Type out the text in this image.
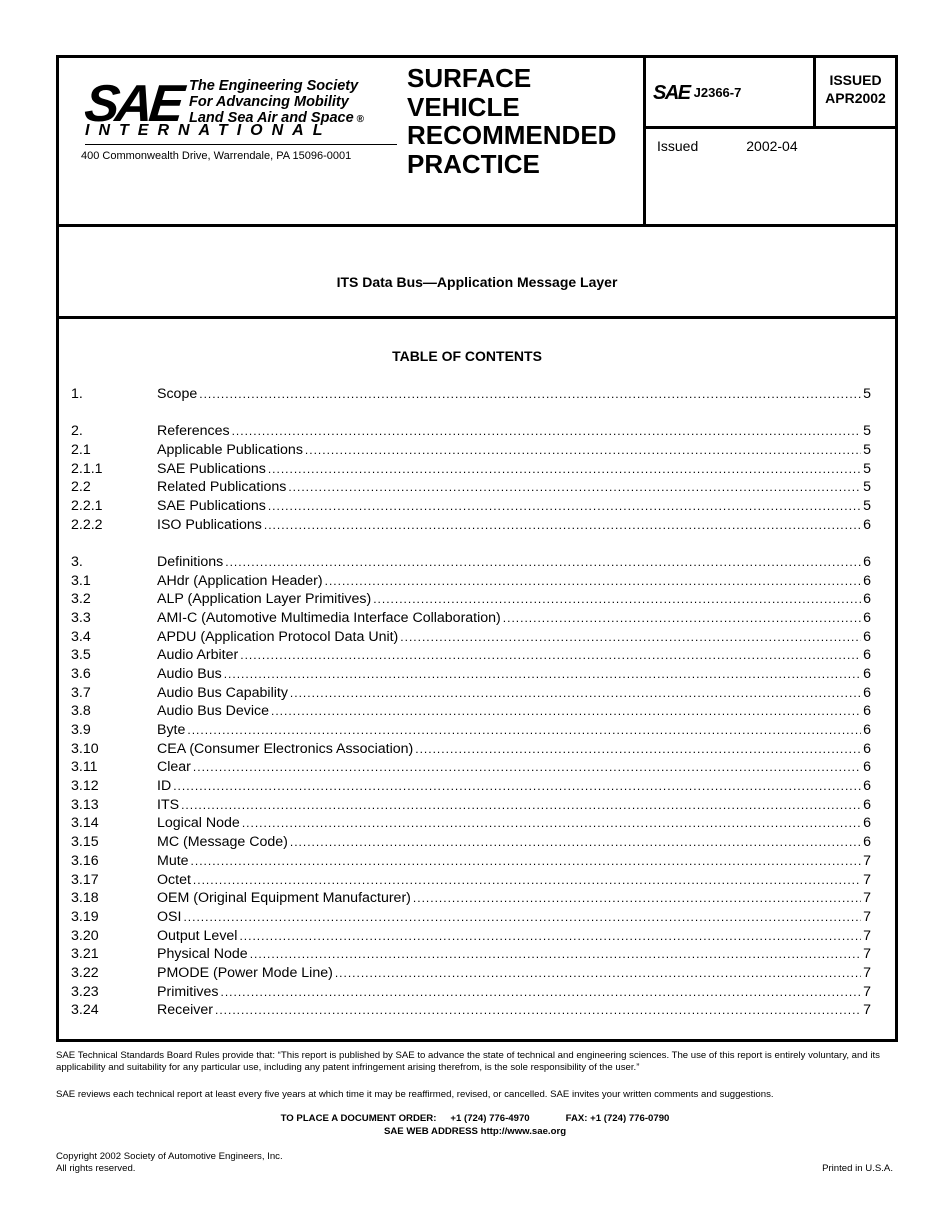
SAE The Engineering Society
For Advancing Mobility
Land Sea Air and Space ®
INTERNATIONAL
400 Commonwealth Drive, Warrendale, PA 15096-0001
SURFACE
VEHICLE
RECOMMENDED
PRACTICE
SAE J2366-7
ISSUED
APR2002
Issued	2002-04
ITS Data Bus—Application Message Layer
TABLE OF CONTENTS
1.	Scope .....	5
2.	References .....	5
2.1	Applicable Publications .....	5
2.1.1	SAE Publications .....	5
2.2	Related Publications .....	5
2.2.1	SAE Publications .....	5
2.2.2	ISO Publications .....	6
3.	Definitions .....	6
3.1	AHdr (Application Header) .....	6
3.2	ALP (Application Layer Primitives) .....	6
3.3	AMI-C (Automotive Multimedia Interface Collaboration) .....	6
3.4	APDU (Application Protocol Data Unit) .....	6
3.5	Audio Arbiter .....	6
3.6	Audio Bus .....	6
3.7	Audio Bus Capability .....	6
3.8	Audio Bus Device .....	6
3.9	Byte .....	6
3.10	CEA (Consumer Electronics Association) .....	6
3.11	Clear .....	6
3.12	ID .....	6
3.13	ITS .....	6
3.14	Logical Node .....	6
3.15	MC (Message Code) .....	6
3.16	Mute .....	7
3.17	Octet .....	7
3.18	OEM (Original Equipment Manufacturer) .....	7
3.19	OSI .....	7
3.20	Output Level .....	7
3.21	Physical Node .....	7
3.22	PMODE (Power Mode Line) .....	7
3.23	Primitives .....	7
3.24	Receiver .....	7
SAE Technical Standards Board Rules provide that: “This report is published by SAE to advance the state of technical and engineering sciences. The use of this report is entirely voluntary, and its applicability and suitability for any particular use, including any patent infringement arising therefrom, is the sole responsibility of the user.”
SAE reviews each technical report at least every five years at which time it may be reaffirmed, revised, or cancelled. SAE invites your written comments and suggestions.
TO PLACE A DOCUMENT ORDER: +1 (724) 776-4970	FAX: +1 (724) 776-0790
SAE WEB ADDRESS http://www.sae.org
Copyright 2002 Society of Automotive Engineers, Inc.
All rights reserved.	Printed in U.S.A.
